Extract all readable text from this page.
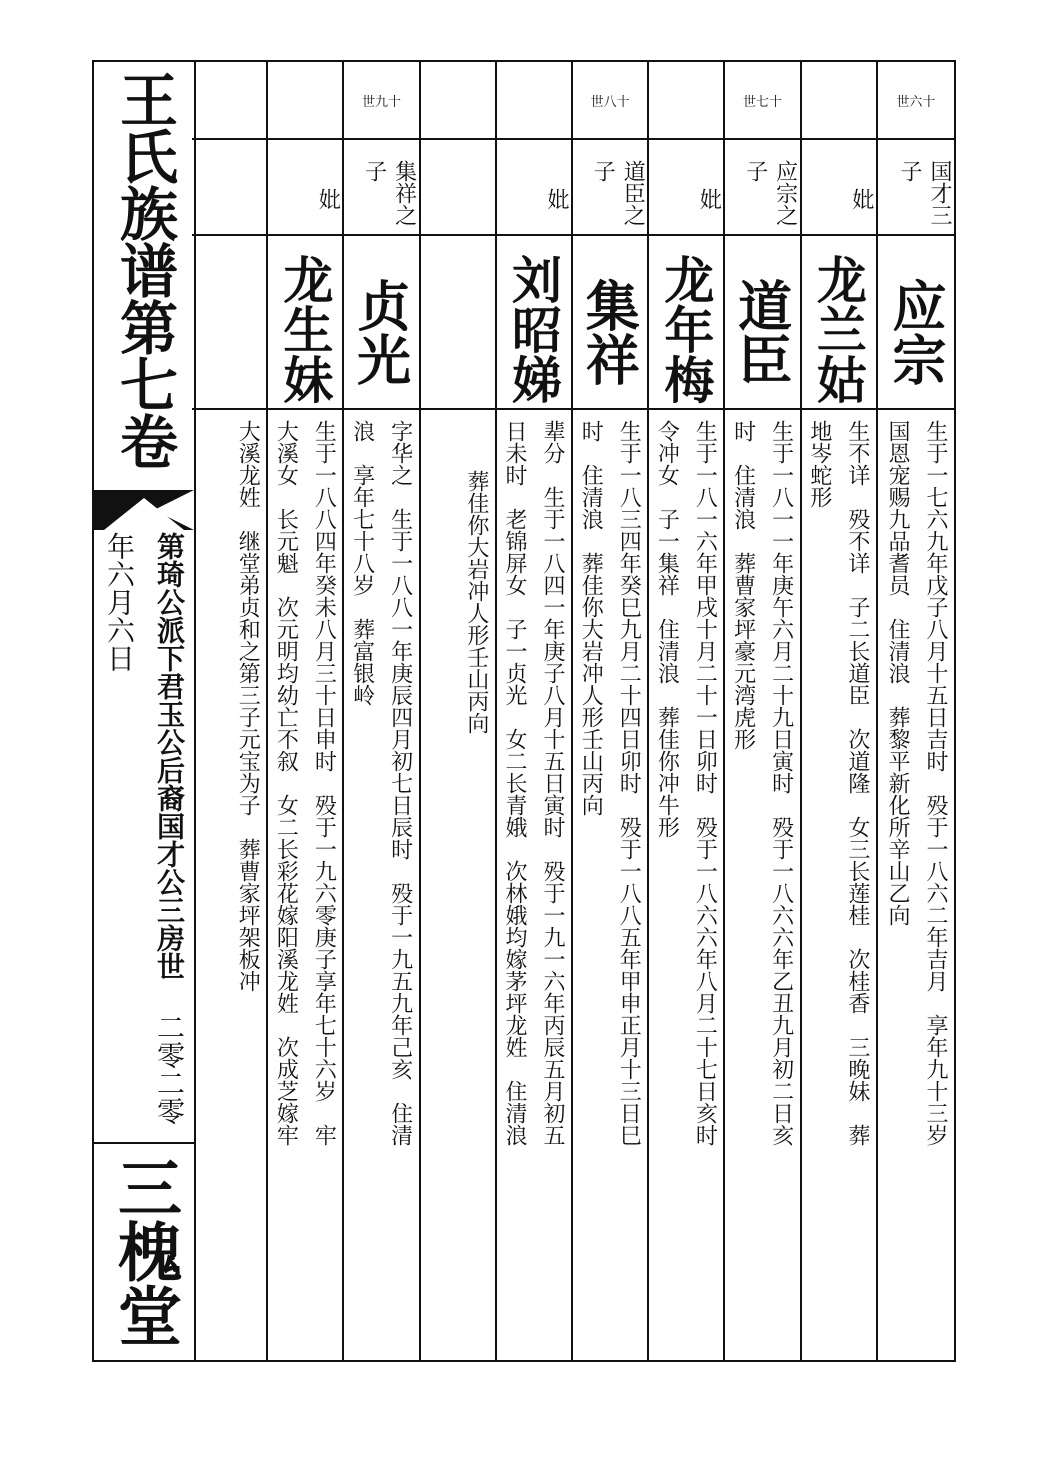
王氏族谱第七卷
第琦公派下君玉公后裔国才公三房世 二零二零年六月六日
三槐堂
世六十
国才三子
应宗
生于一七六九年戊子八月十五日吉时　殁于一八六二年吉月　享年九十三岁
国恩宠赐九品耆员　住清浪　葬黎平新化所辛山乙向
妣
龙兰姑
生不详　殁不详　子二长道臣　次道隆　女三长莲桂　次桂香　三晚妹　葬
地岑蛇形
世七十
应宗之子
道臣
生于一八一一年庚午六月二十九日寅时　殁于一八六六年乙丑九月初二日亥
时　住清浪　葬曹家坪豪元湾虎形
妣
龙年梅
生于一八一六年甲戌十月二十一日卯时　殁于一八六六年八月二十七日亥时
令冲女　子一集祥　住清浪　葬佳你冲牛形
世八十
道臣之子
集祥
生于一八三四年癸巳九月二十四日卯时　殁于一八八五年甲申正月十三日巳
时　住清浪　葬佳你大岩冲人形壬山丙向
妣
刘昭娣
辈分　生于一八四一年庚子八月十五日寅时　殁于一九一六年丙辰五月初五
日未时　老锦屏女　子一贞光　女二长青娥　次林娥均嫁茅坪龙姓　住清浪
葬佳你大岩冲人形壬山丙向
世九十
集祥之子
贞光
字华之　生于一八八一年庚辰四月初七日辰时　殁于一九五九年己亥　住清
浪　享年七十八岁　葬富银岭
妣
龙生妹
生于一八八四年癸未八月三十日申时　殁于一九六零庚子享年七十六岁　牢
大溪女　长元魁　次元明均幼亡不叙　女二长彩花嫁阳溪龙姓　次成芝嫁牢
大溪龙姓　继堂弟贞和之第三子元宝为子　葬曹家坪架板冲
